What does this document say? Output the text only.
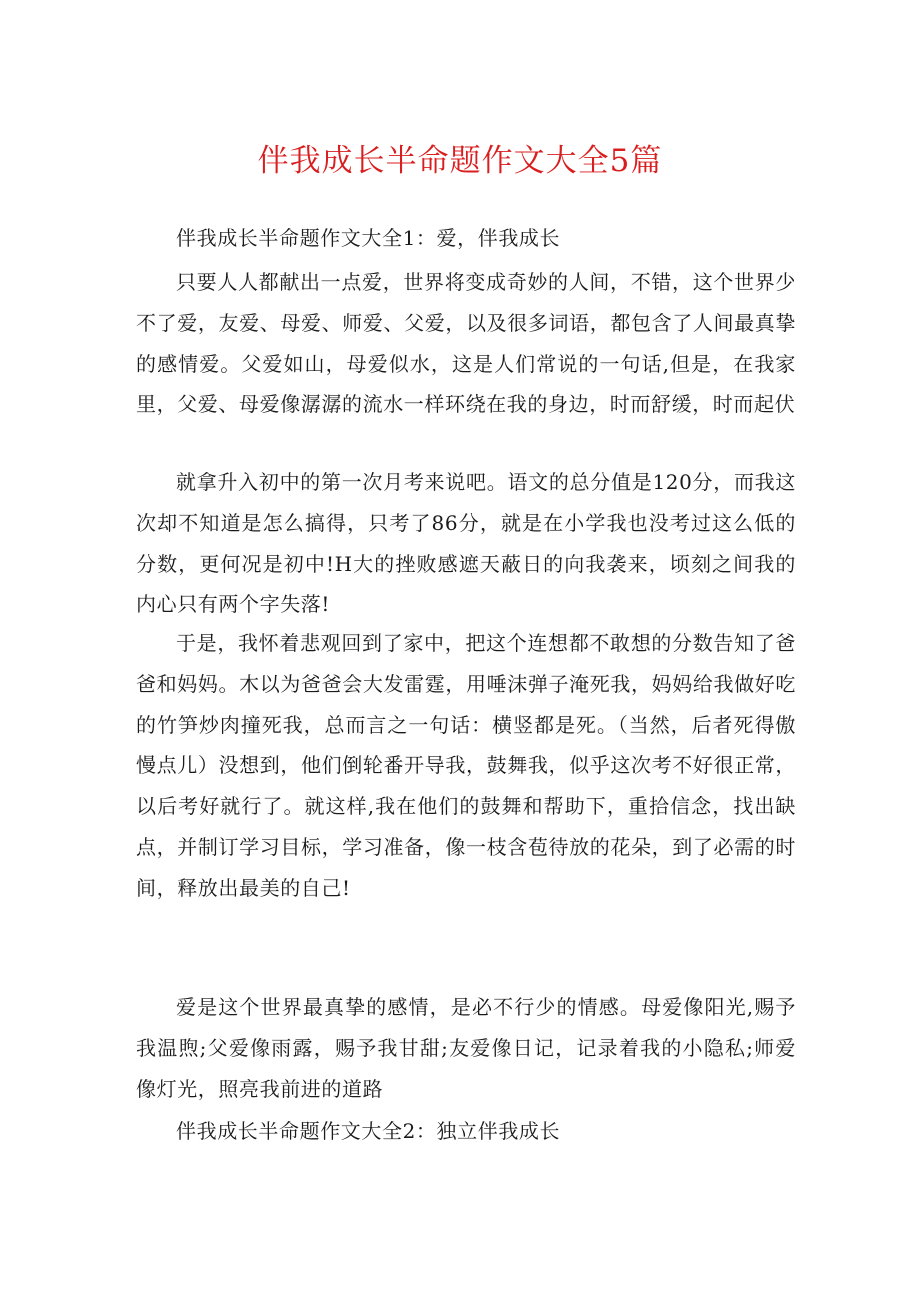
伴我成长半命题作文大全5篇
伴我成长半命题作文大全1：爱，伴我成长
只要人人都献出一点爱，世界将变成奇妙的人间，不错，这个世界少不了爱，友爱、母爱、师爱、父爱，以及很多词语，都包含了人间最真挚的感情爱。父爱如山，母爱似水，这是人们常说的一句话,但是，在我家里，父爱、母爱像潺潺的流水一样环绕在我的身边，时而舒缓，时而起伏
就拿升入初中的第一次月考来说吧。语文的总分值是120分，而我这次却不知道是怎么搞得，只考了86分，就是在小学我也没考过这么低的分数，更何况是初中!H大的挫败感遮天蔽日的向我袭来，顷刻之间我的内心只有两个字失落!
于是，我怀着悲观回到了家中，把这个连想都不敢想的分数告知了爸爸和妈妈。木以为爸爸会大发雷霆，用唾沫弹子淹死我，妈妈给我做好吃的竹笋炒肉撞死我，总而言之一句话：横竖都是死。（当然，后者死得傲慢点儿）没想到，他们倒轮番开导我，鼓舞我，似乎这次考不好很正常，以后考好就行了。就这样,我在他们的鼓舞和帮助下，重拾信念，找出缺点，并制订学习目标，学习准备，像一枝含苞待放的花朵，到了必需的时间，释放出最美的自己!
爱是这个世界最真挚的感情，是必不行少的情感。母爱像阳光,赐予我温煦;父爱像雨露，赐予我甘甜;友爱像日记，记录着我的小隐私;师爱像灯光，照亮我前进的道路
伴我成长半命题作文大全2：独立伴我成长
